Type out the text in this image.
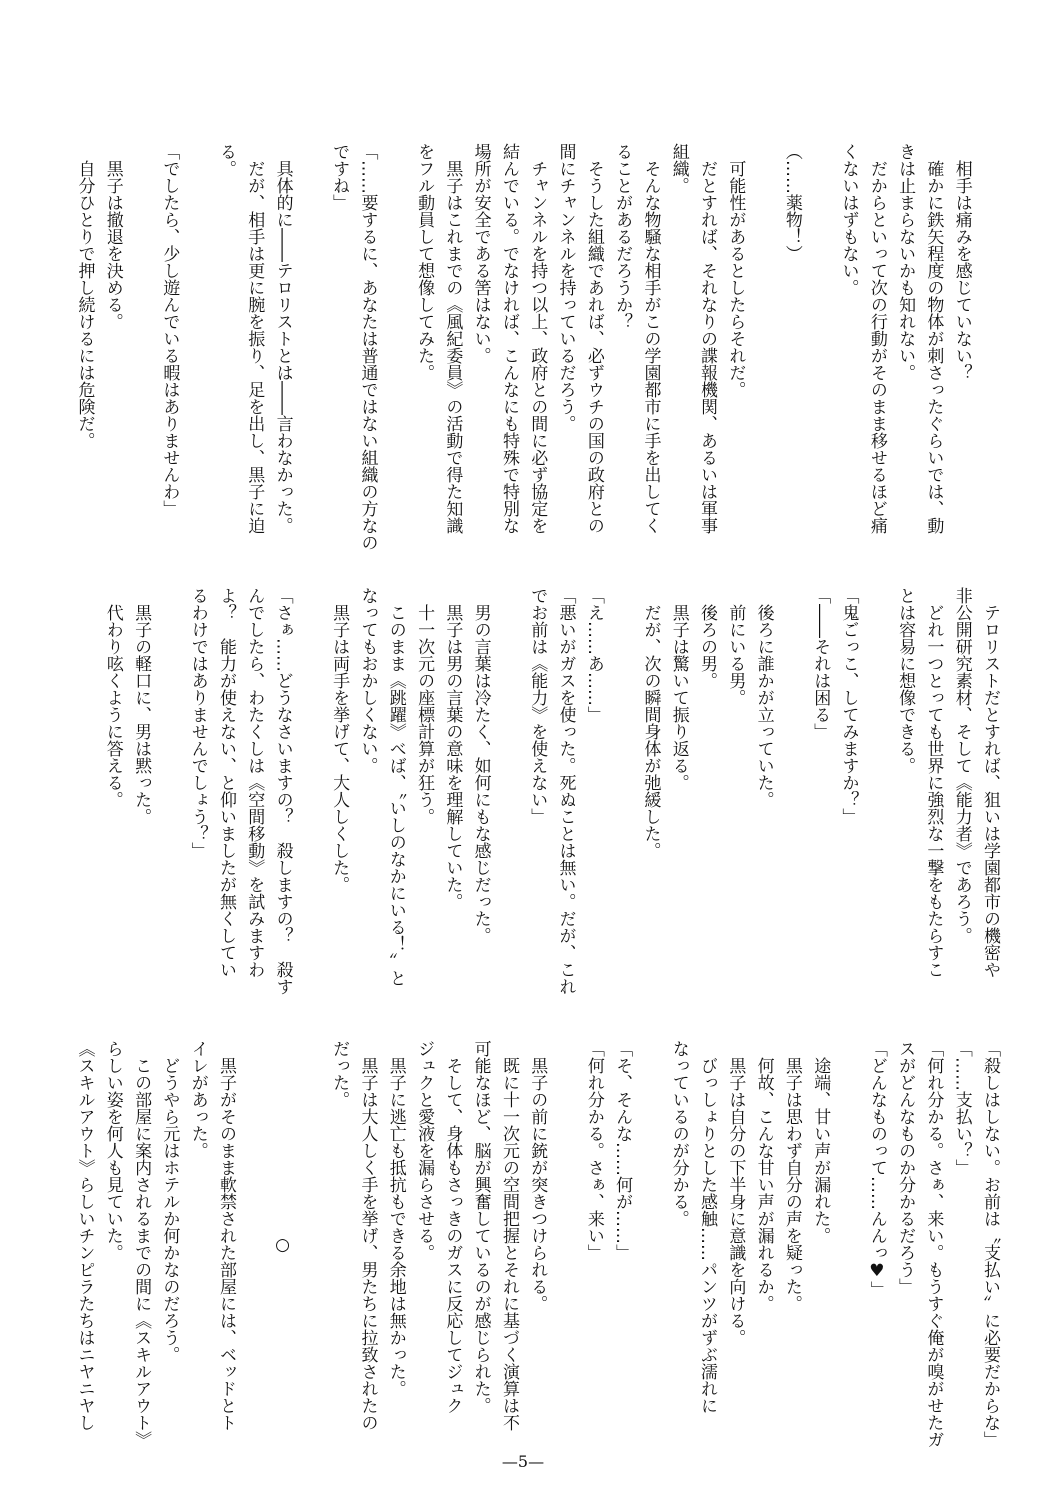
　相手は痛みを感じていない？
　確かに鉄矢程度の物体が刺さったぐらいでは、動
きは止まらないかも知れない。
　だからといって次の行動がそのまま移せるほど痛
くないはずもない。
（……薬物！）
　可能性があるとしたらそれだ。
　だとすれば、それなりの諜報機関、あるいは軍事
組織。
　そんな物騒な相手がこの学園都市に手を出してく
ることがあるだろうか？
　そうした組織であれば、必ずウチの国の政府との
間にチャンネルを持っているだろう。
　チャンネルを持つ以上、政府との間に必ず協定を
結んでいる。でなければ、こんなにも特殊で特別な
場所が安全である筈はない。
　黒子はこれまでの《風紀委員》の活動で得た知識
をフル動員して想像してみた。
「……要するに、あなたは普通ではない組織の方なの
ですね」
　具体的に――テロリストとは――言わなかった。
　だが、相手は更に腕を振り、足を出し、黒子に迫
る。
「でしたら、少し遊んでいる暇はありませんわ」
　黒子は撤退を決める。
　自分ひとりで押し続けるには危険だ。
　テロリストだとすれば、狙いは学園都市の機密や
非公開研究素材、そして《能力者》であろう。
　どれ一つとっても世界に強烈な一撃をもたらすこ
とは容易に想像できる。
「鬼ごっこ、してみますか？」
「――それは困る」
　後ろに誰かが立っていた。
　前にいる男。
　後ろの男。
　黒子は驚いて振り返る。
　だが、次の瞬間身体が弛緩した。
「え……あ……」
「悪いがガスを使った。死ぬことは無い。だが、これ
でお前は《能力》を使えない」
　男の言葉は冷たく、如何にもな感じだった。
　黒子は男の言葉の意味を理解していた。
　十一次元の座標計算が狂う。
　このまま《跳躍》べば、〝いしのなかにいる！〟と
なってもおかしくない。
　黒子は両手を挙げて、大人しくした。
「さぁ……どうなさいますの？　殺しますの？　殺す
んでしたら、わたくしは《空間移動》を試みますわ
よ？　能力が使えない、と仰いましたが無くしてい
るわけではありませんでしょう？」
　黒子の軽口に、男は黙った。
　代わり呟くように答える。
「殺しはしない。お前は〝支払い〟に必要だからな」
「……支払い？」
「何れ分かる。さぁ、来い。もうすぐ俺が嗅がせたガ
スがどんなものか分かるだろう」
「どんなものって……んんっ♥」
　途端、甘い声が漏れた。
　黒子は思わず自分の声を疑った。
　何故、こんな甘い声が漏れるか。
　黒子は自分の下半身に意識を向ける。
　びっしょりとした感触……パンツがずぶ濡れに
なっているのが分かる。
「そ、そんな……何が……」
「何れ分かる。さぁ、来い」
　黒子の前に銃が突きつけられる。
　既に十一次元の空間把握とそれに基づく演算は不
可能なほど、脳が興奮しているのが感じられた。
　そして、身体もさっきのガスに反応してジュク
ジュクと愛液を漏らさせる。
　黒子に逃亡も抵抗もできる余地は無かった。
　黒子は大人しく手を挙げ、男たちに拉致されたの
だった。
○
　黒子がそのまま軟禁された部屋には、ベッドとト
イレがあった。
　どうやら元はホテルか何かなのだろう。
　この部屋に案内されるまでの間に《スキルアウト》
らしい姿を何人も見ていた。
《スキルアウト》らしいチンピラたちはニヤニヤし
—5—
